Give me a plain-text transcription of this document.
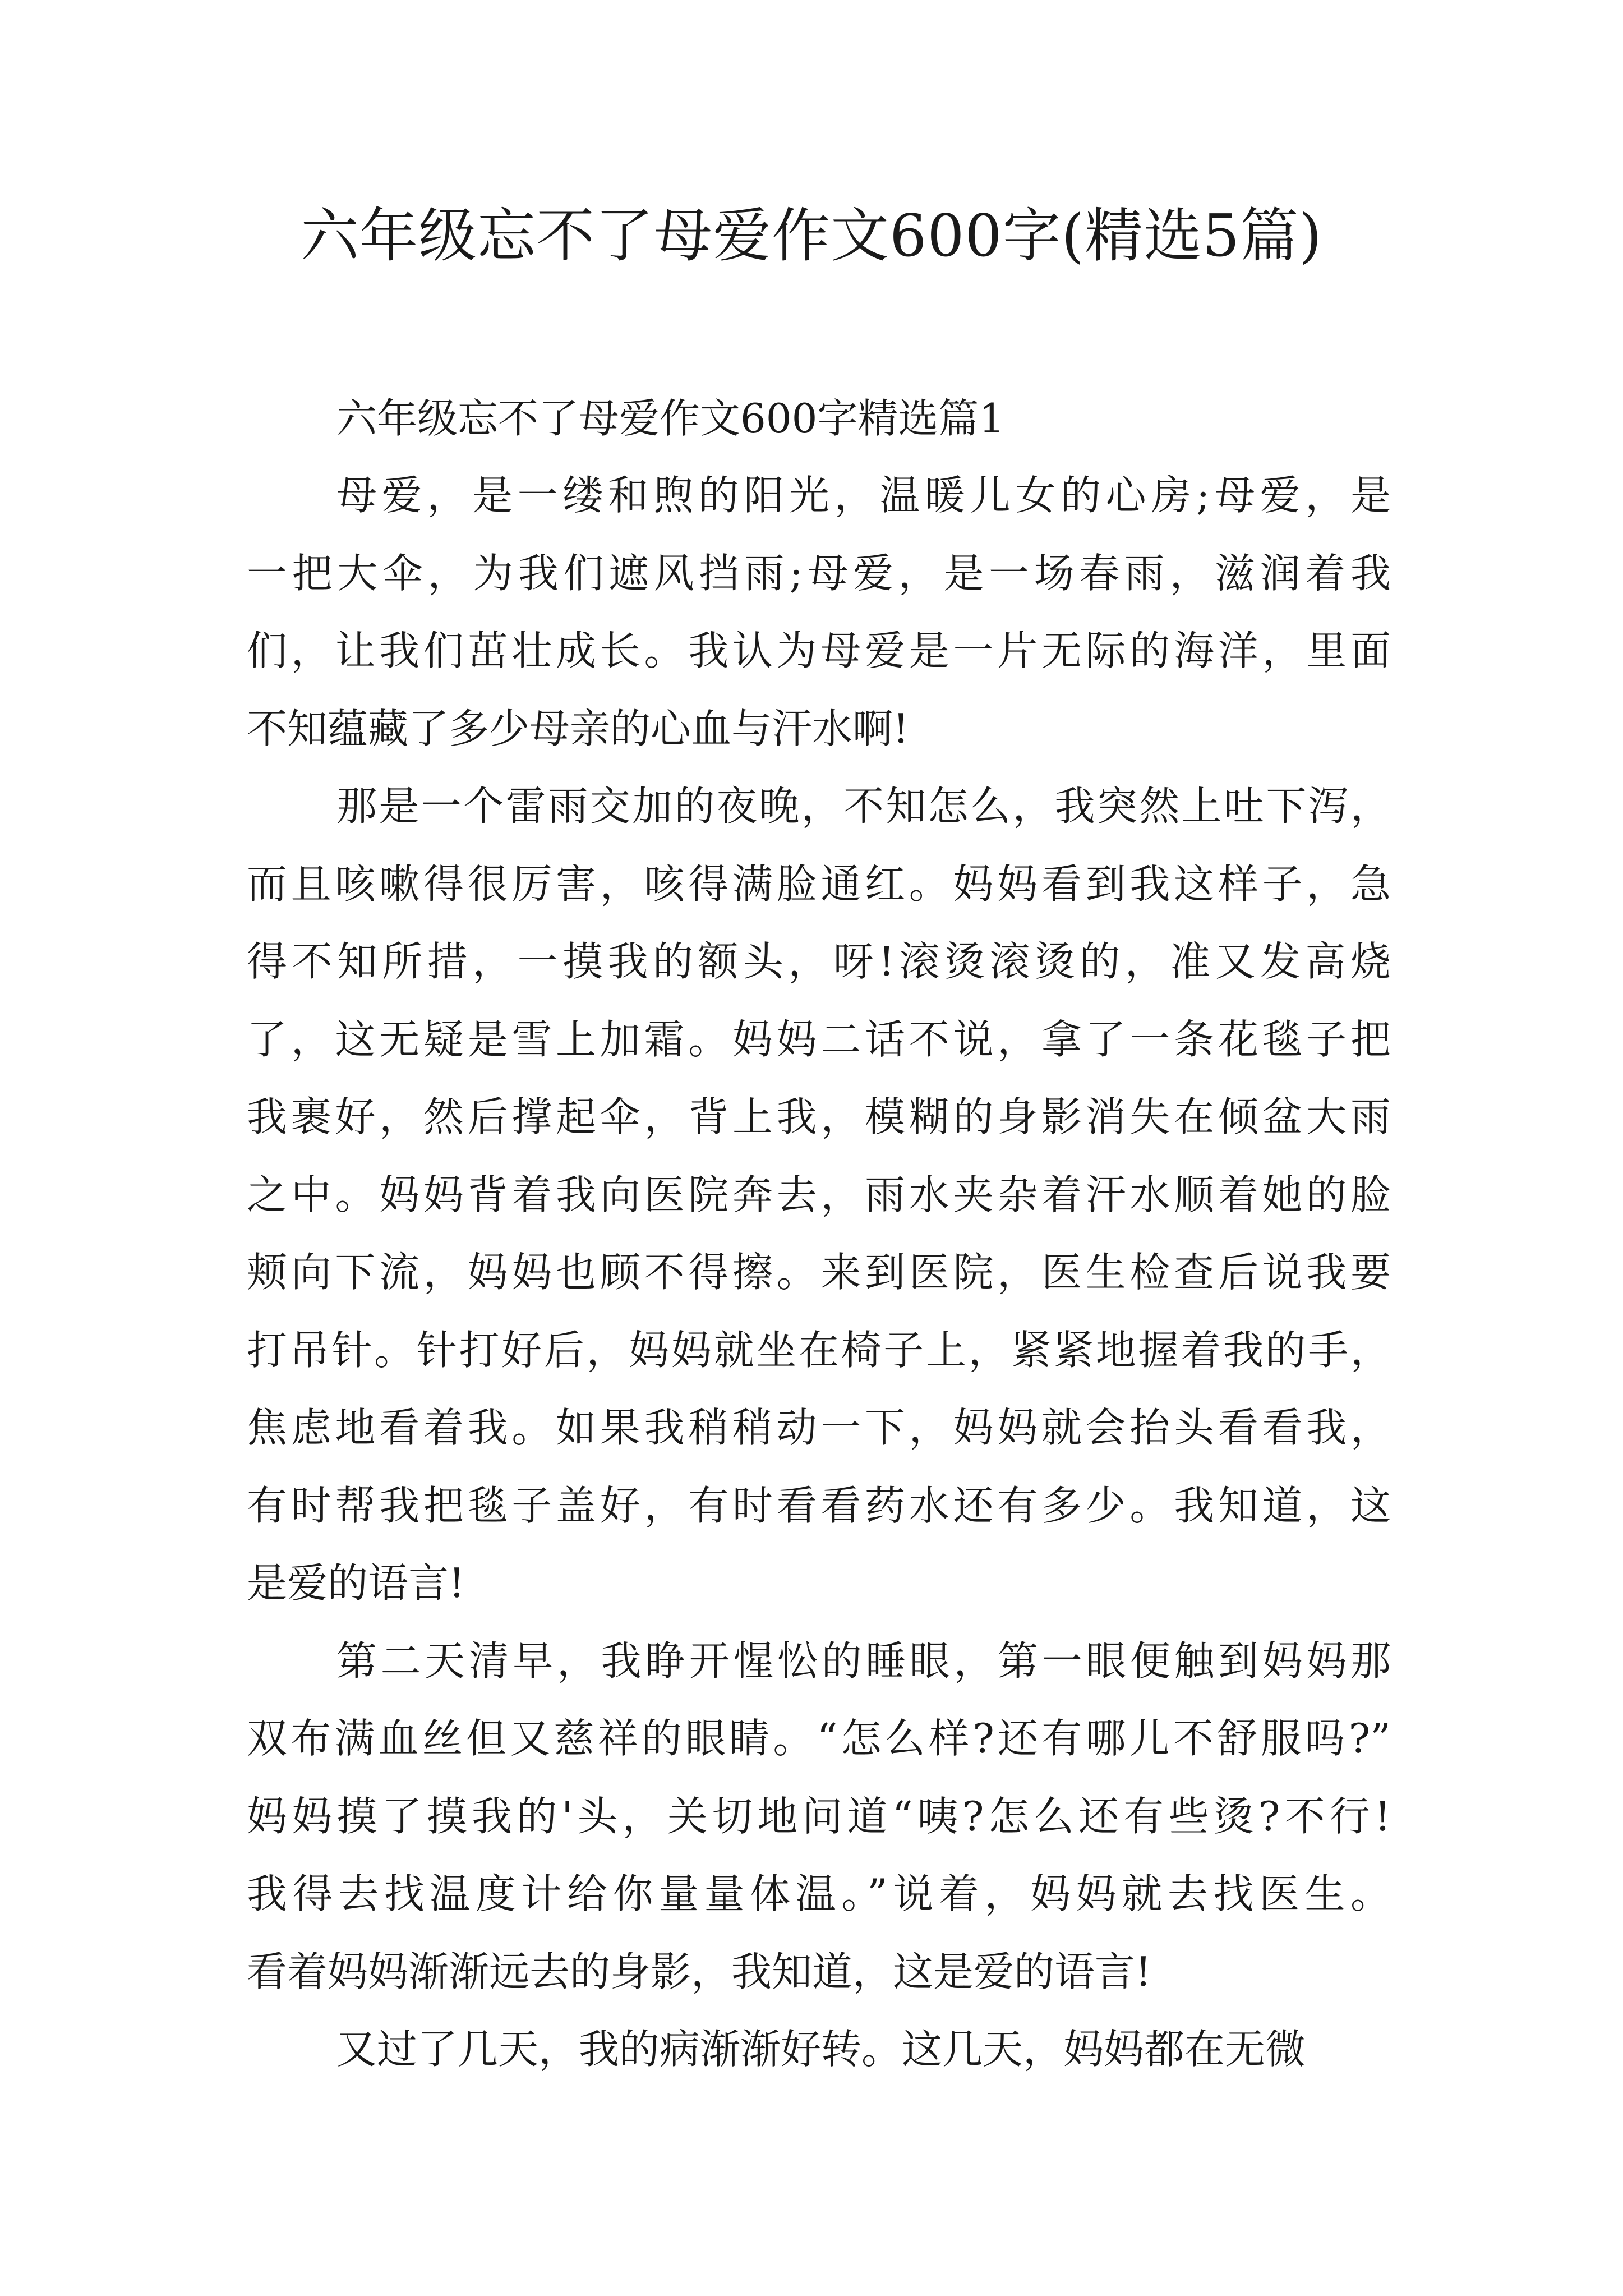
六年级忘不了母爱作文600字(精选5篇)
六年级忘不了母爱作文600字精选篇1
母爱，是一缕和煦的阳光，温暖儿女的心房;母爱，是
一把大伞，为我们遮风挡雨;母爱，是一场春雨，滋润着我
们，让我们茁壮成长。我认为母爱是一片无际的海洋，里面
不知蕴藏了多少母亲的心血与汗水啊!
那是一个雷雨交加的夜晚，不知怎么，我突然上吐下泻，
而且咳嗽得很厉害，咳得满脸通红。妈妈看到我这样子，急
得不知所措，一摸我的额头，呀!滚烫滚烫的，准又发高烧
了，这无疑是雪上加霜。妈妈二话不说，拿了一条花毯子把
我裹好，然后撑起伞，背上我，模糊的身影消失在倾盆大雨
之中。妈妈背着我向医院奔去，雨水夹杂着汗水顺着她的脸
颊向下流，妈妈也顾不得擦。来到医院，医生检查后说我要
打吊针。针打好后，妈妈就坐在椅子上，紧紧地握着我的手，
焦虑地看着我。如果我稍稍动一下，妈妈就会抬头看看我，
有时帮我把毯子盖好，有时看看药水还有多少。我知道，这
是爱的语言!
第二天清早，我睁开惺忪的睡眼，第一眼便触到妈妈那
双布满血丝但又慈祥的眼睛。“怎么样?还有哪儿不舒服吗?”
妈妈摸了摸我的'头，关切地问道“咦?怎么还有些烫?不行!
我得去找温度计给你量量体温。”说着，妈妈就去找医生。
看着妈妈渐渐远去的身影，我知道，这是爱的语言!
又过了几天，我的病渐渐好转。这几天，妈妈都在无微
